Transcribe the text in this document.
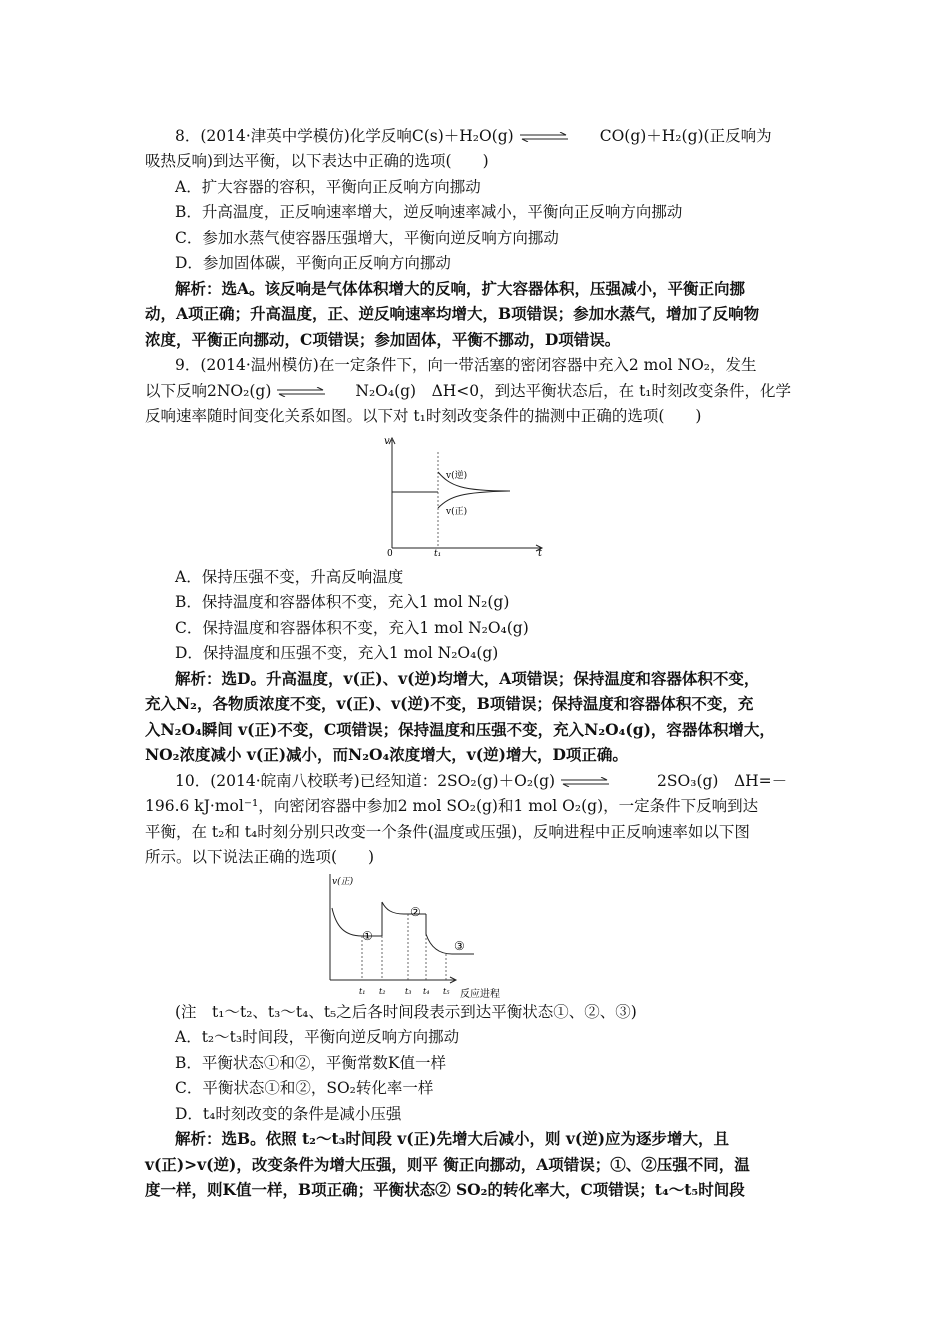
8．(2014·津英中学模仿)化学反响C(s)＋H₂O(g) ⇌ CO(g)＋H₂(g)(正反响为
吸热反响)到达平衡，以下表达中正确的选项(　　)
A．扩大容器的容积，平衡向正反响方向挪动
B．升高温度，正反响速率增大，逆反响速率减小，平衡向正反响方向挪动
C．参加水蒸气使容器压强增大，平衡向逆反响方向挪动
D．参加固体碳，平衡向正反响方向挪动
解析：选A。该反响是气体体积增大的反响，扩大容器体积，压强减小，平衡正向挪
动，A项正确；升高温度，正、逆反响速率均增大，B项错误；参加水蒸气，增加了反响物
浓度，平衡正向挪动，C项错误；参加固体，平衡不挪动，D项错误。
9．(2014·温州模仿)在一定条件下，向一带活塞的密闭容器中充入2 mol NO₂，发生
以下反响2NO₂(g) ⇌ N₂O₄(g)　ΔH<0，到达平衡状态后，在 t₁时刻改变条件，化学
反响速率随时间变化关系如图。以下对 t₁时刻改变条件的揣测中正确的选项(　　)
v
t
0	t₁
v(逆)
v(正)
A．保持压强不变，升高反响温度
B．保持温度和容器体积不变，充入1 mol N₂(g)
C．保持温度和容器体积不变，充入1 mol N₂O₄(g)
D．保持温度和压强不变，充入1 mol N₂O₄(g)
解析：选D。升高温度，v(正)、v(逆)均增大，A项错误；保持温度和容器体积不变，
充入N₂，各物质浓度不变，v(正)、v(逆)不变，B项错误；保持温度和容器体积不变，充
入N₂O₄瞬间 v(正)不变，C项错误；保持温度和压强不变，充入N₂O₄(g)，容器体积增大，
NO₂浓度减小 v(正)减小，而N₂O₄浓度增大，v(逆)增大，D项正确。
10．(2014·皖南八校联考)已经知道：2SO₂(g)＋O₂(g) ⇌	2SO₃(g)　ΔH=－
196.6 kJ·mol⁻¹，向密闭容器中参加2 mol SO₂(g)和1 mol O₂(g)，一定条件下反响到达
平衡，在 t₂和 t₄时刻分别只改变一个条件(温度或压强)，反响进程中正反响速率如以下图
所示。以下说法正确的选项(　　)
v(正)
反应进程
t₁ t₂ t₃ t₄ t₅
①
②
③
(注　t₁～t₂、t₃～t₄、t₅之后各时间段表示到达平衡状态①、②、③)
A．t₂～t₃时间段，平衡向逆反响方向挪动
B．平衡状态①和②，平衡常数K值一样
C．平衡状态①和②，SO₂转化率一样
D．t₄时刻改变的条件是减小压强
解析：选B。依照 t₂～t₃时间段 v(正)先增大后减小，则 v(逆)应为逐步增大，且
v(正)>v(逆)，改变条件为增大压强，则平 衡正向挪动，A项错误；①、②压强不同，温
度一样，则K值一样，B项正确；平衡状态② SO₂的转化率大，C项错误；t₄～t₅时间段
